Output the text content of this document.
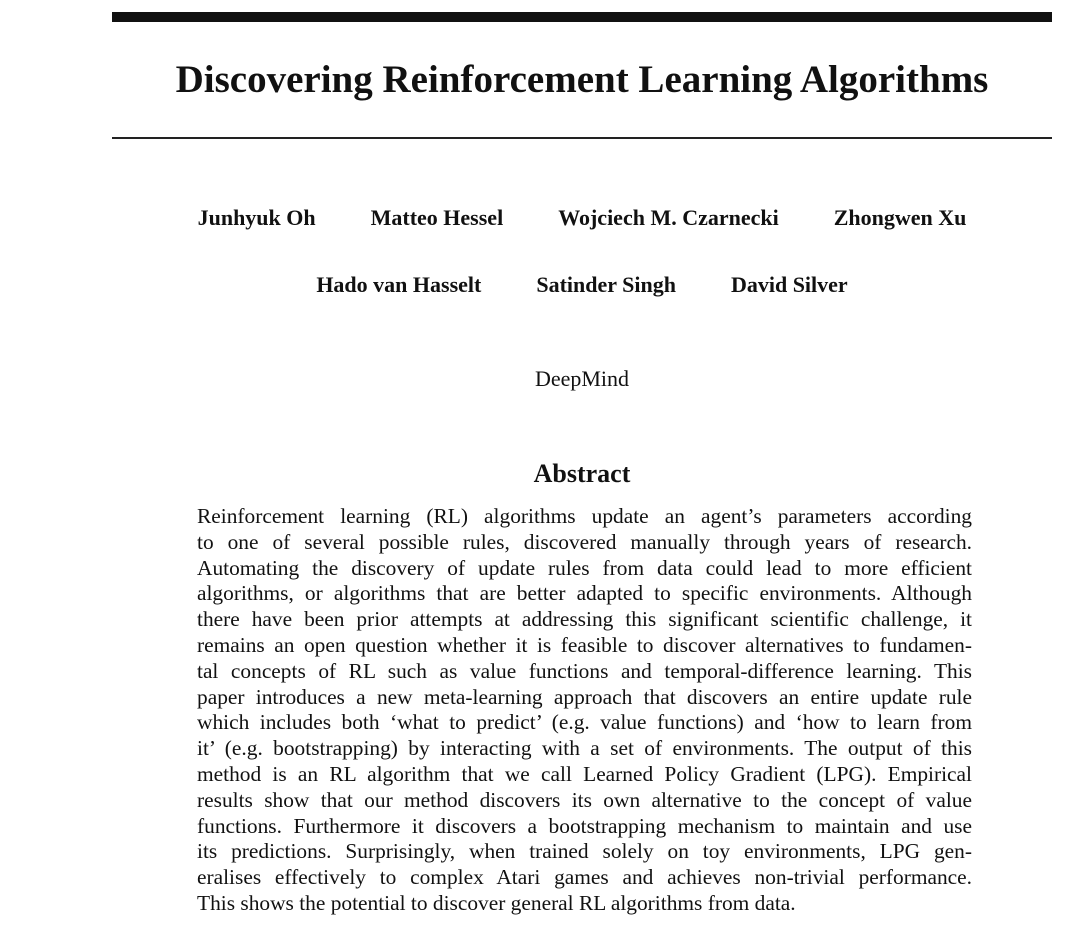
Discovering Reinforcement Learning Algorithms
Junhyuk Oh	Matteo Hessel	Wojciech M. Czarnecki	Zhongwen Xu
Hado van Hasselt	Satinder Singh	David Silver
DeepMind
Abstract
Reinforcement learning (RL) algorithms update an agent’s parameters according
to one of several possible rules, discovered manually through years of research.
Automating the discovery of update rules from data could lead to more efficient
algorithms, or algorithms that are better adapted to specific environments. Although
there have been prior attempts at addressing this significant scientific challenge, it
remains an open question whether it is feasible to discover alternatives to fundamen-
tal concepts of RL such as value functions and temporal-difference learning. This
paper introduces a new meta-learning approach that discovers an entire update rule
which includes both ‘what to predict’ (e.g. value functions) and ‘how to learn from
it’ (e.g. bootstrapping) by interacting with a set of environments. The output of this
method is an RL algorithm that we call Learned Policy Gradient (LPG). Empirical
results show that our method discovers its own alternative to the concept of value
functions. Furthermore it discovers a bootstrapping mechanism to maintain and use
its predictions. Surprisingly, when trained solely on toy environments, LPG gen-
eralises effectively to complex Atari games and achieves non-trivial performance.
This shows the potential to discover general RL algorithms from data.
